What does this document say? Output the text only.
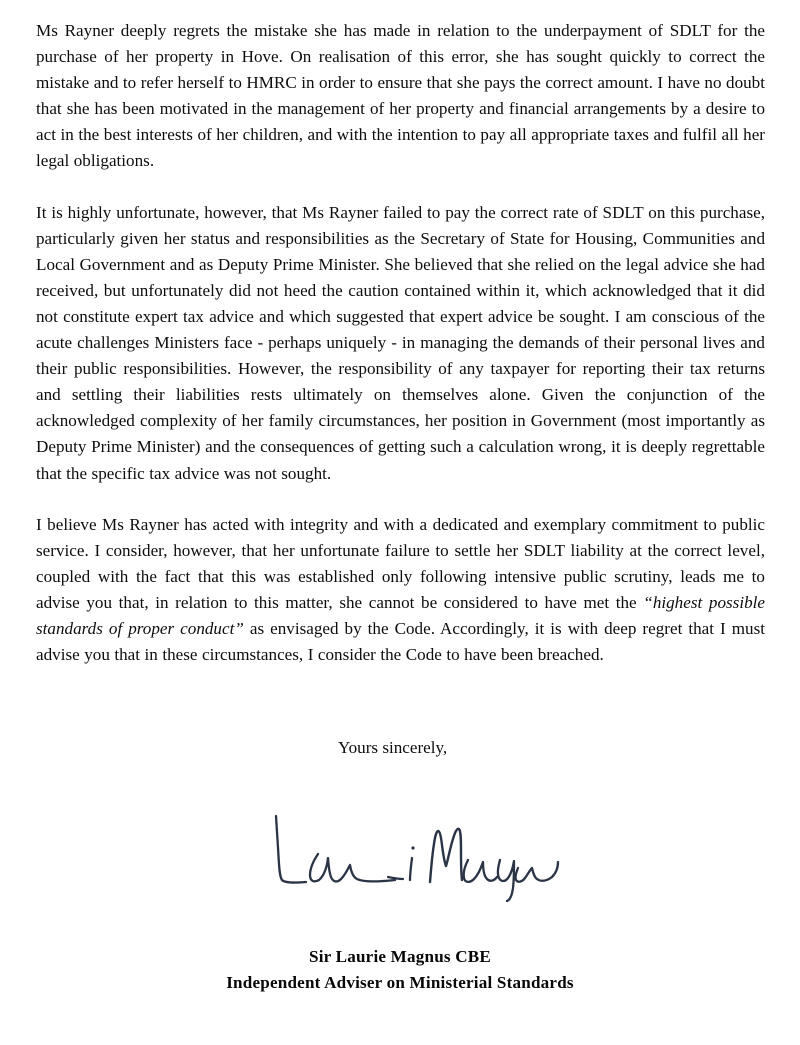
Ms Rayner deeply regrets the mistake she has made in relation to the underpayment of SDLT for the purchase of her property in Hove. On realisation of this error, she has sought quickly to correct the mistake and to refer herself to HMRC in order to ensure that she pays the correct amount. I have no doubt that she has been motivated in the management of her property and financial arrangements by a desire to act in the best interests of her children, and with the intention to pay all appropriate taxes and fulfil all her legal obligations.

It is highly unfortunate, however, that Ms Rayner failed to pay the correct rate of SDLT on this purchase, particularly given her status and responsibilities as the Secretary of State for Housing, Communities and Local Government and as Deputy Prime Minister. She believed that she relied on the legal advice she had received, but unfortunately did not heed the caution contained within it, which acknowledged that it did not constitute expert tax advice and which suggested that expert advice be sought. I am conscious of the acute challenges Ministers face - perhaps uniquely - in managing the demands of their personal lives and their public responsibilities. However, the responsibility of any taxpayer for reporting their tax returns and settling their liabilities rests ultimately on themselves alone. Given the conjunction of the acknowledged complexity of her family circumstances, her position in Government (most importantly as Deputy Prime Minister) and the consequences of getting such a calculation wrong, it is deeply regrettable that the specific tax advice was not sought.

I believe Ms Rayner has acted with integrity and with a dedicated and exemplary commitment to public service. I consider, however, that her unfortunate failure to settle her SDLT liability at the correct level, coupled with the fact that this was established only following intensive public scrutiny, leads me to advise you that, in relation to this matter, she cannot be considered to have met the “highest possible standards of proper conduct” as envisaged by the Code. Accordingly, it is with deep regret that I must advise you that in these circumstances, I consider the Code to have been breached.

Yours sincerely,

Sir Laurie Magnus CBE
Independent Adviser on Ministerial Standards
